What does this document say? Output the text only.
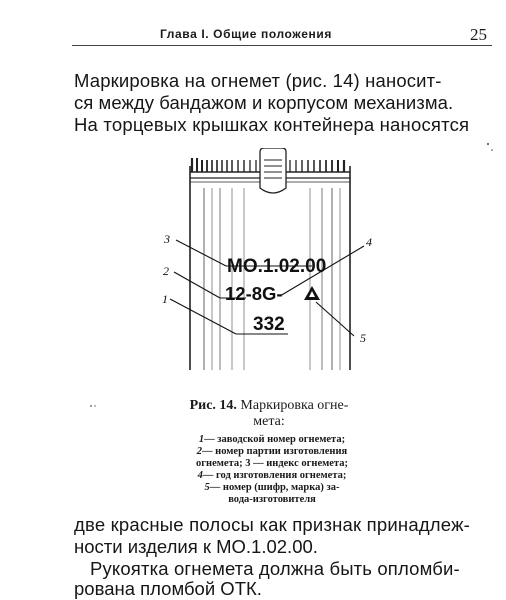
Глава I. Общие положения	25
Маркировка на огнемет (рис. 14) наносит-
ся между бандажом и корпусом механизма.
На торцевых крышках контейнера наносятся
МО.1.02.00
12-8G-
332
3
2
1
4
5
Рис. 14. Маркировка огне-
мета:
1— заводской номер огнемета;
2— номер партии изготовления
огнемета; 3 — индекс огнемета;
4— год изготовления огнемета;
5— номер (шифр, марка) за-
вода-изготовителя
две красные полосы как признак принадлеж-
ности изделия к МО.1.02.00.
Рукоятка огнемета должна быть опломби-
рована пломбой ОТК.
